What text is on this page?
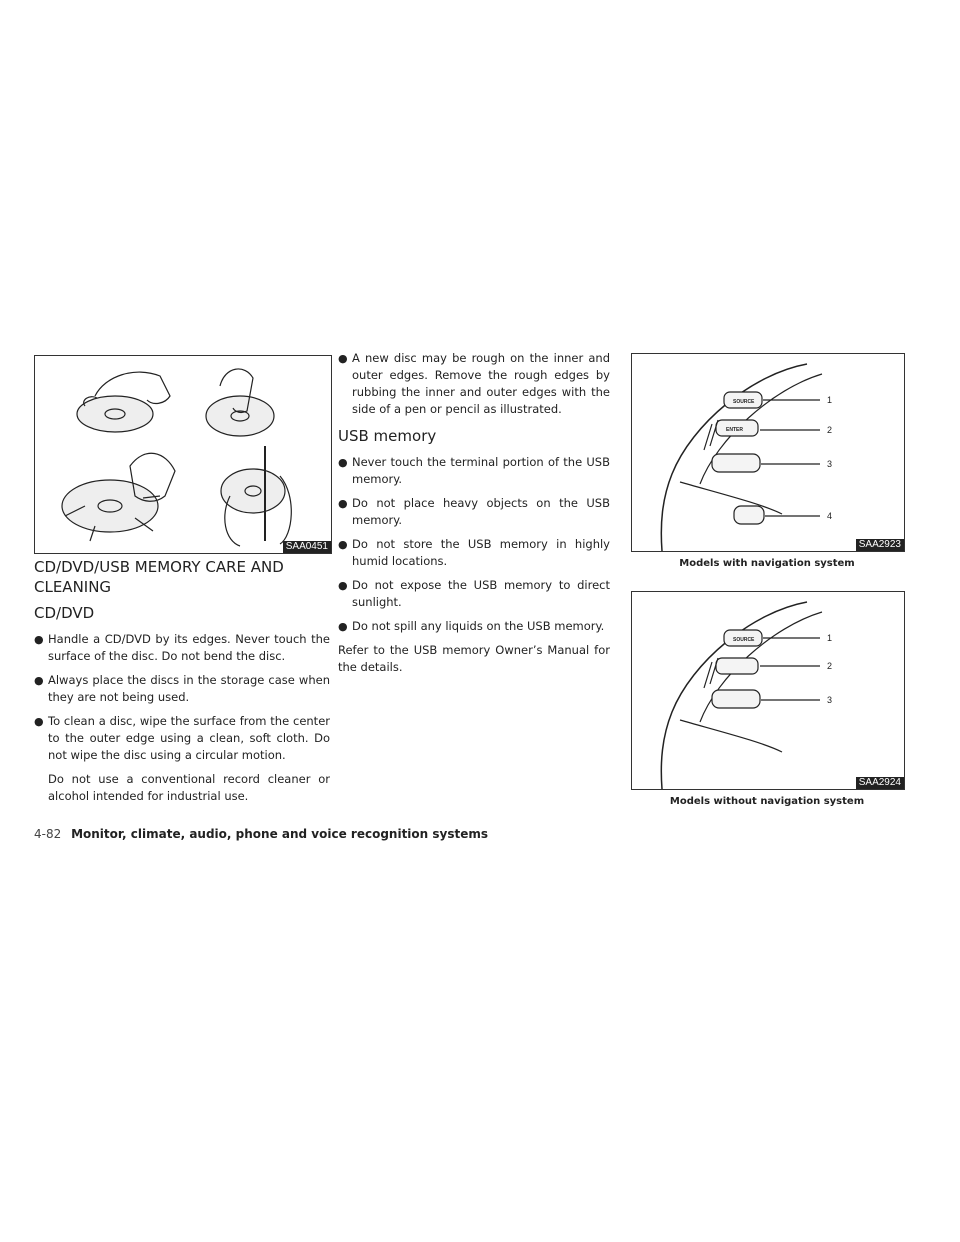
SAA0451
CD/DVD/USB MEMORY CARE AND CLEANING
CD/DVD

● Handle a CD/DVD by its edges. Never touch the surface of the disc. Do not bend the disc.

● Always place the discs in the storage case when they are not being used.

● To clean a disc, wipe the surface from the center to the outer edge using a clean, soft cloth. Do not wipe the disc using a circular motion.

Do not use a conventional record cleaner or alcohol intended for industrial use.

● A new disc may be rough on the inner and outer edges. Remove the rough edges by rubbing the inner and outer edges with the side of a pen or pencil as illustrated.

USB memory

● Never touch the terminal portion of the USB memory.

● Do not place heavy objects on the USB memory.

● Do not store the USB memory in highly humid locations.

● Do not expose the USB memory to direct sunlight.

● Do not spill any liquids on the USB memory.

Refer to the USB memory Owner’s Manual for the details.

SOURCE
ENTER
1
2
3
4
SAA2923
Models with navigation system
SOURCE	1
2
3
SAA2924
Models without navigation system
4-82 Monitor, climate, audio, phone and voice recognition systems
